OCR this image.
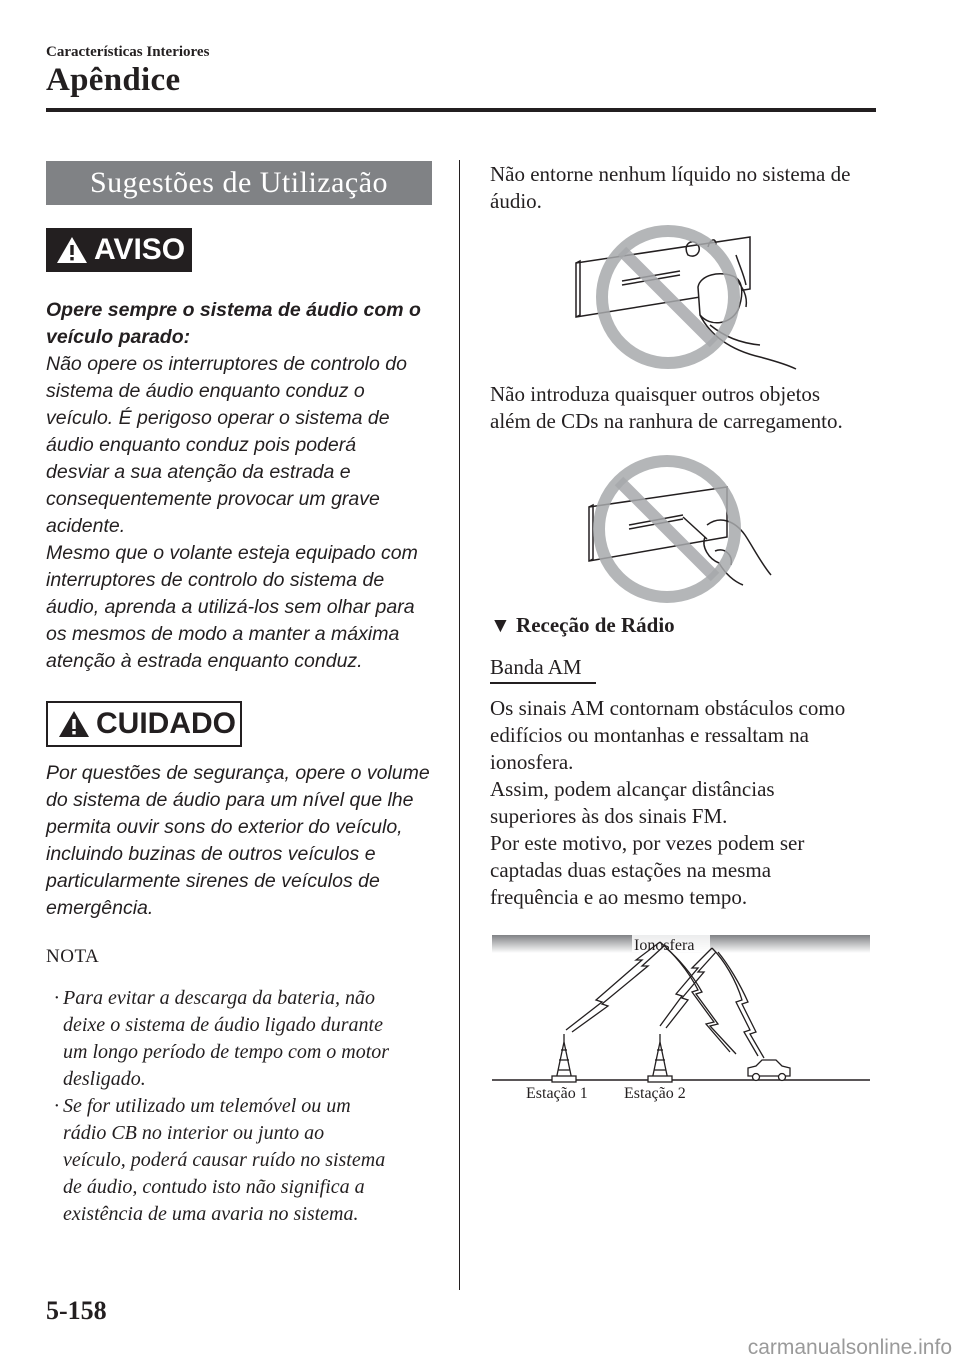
Características Interiores
Apêndice
Sugestões de Utilização
AVISO
Opere sempre o sistema de áudio com o
veículo parado:
Não opere os interruptores de controlo do
sistema de áudio enquanto conduz o
veículo. É perigoso operar o sistema de
áudio enquanto conduz pois poderá
desviar a sua atenção da estrada e
consequentemente provocar um grave
acidente.
Mesmo que o volante esteja equipado com
interruptores de controlo do sistema de
áudio, aprenda a utilizá-los sem olhar para
os mesmos de modo a manter a máxima
atenção à estrada enquanto conduz.
CUIDADO
Por questões de segurança, opere o volume
do sistema de áudio para um nível que lhe
permita ouvir sons do exterior do veículo,
incluindo buzinas de outros veículos e
particularmente sirenes de veículos de
emergência.
NOTA
· Para evitar a descarga da bateria, não
deixe o sistema de áudio ligado durante
um longo período de tempo com o motor
desligado.
· Se for utilizado um telemóvel ou um
rádio CB no interior ou junto ao
veículo, poderá causar ruído no sistema
de áudio, contudo isto não significa a
existência de uma avaria no sistema.
Não entorne nenhum líquido no sistema de
áudio.
Não introduza quaisquer outros objetos
além de CDs na ranhura de carregamento.
▼ Receção de Rádio
Banda AM
Os sinais AM contornam obstáculos como
edifícios ou montanhas e ressaltam na
ionosfera.
Assim, podem alcançar distâncias
superiores às dos sinais FM.
Por este motivo, por vezes podem ser
captadas duas estações na mesma
frequência e ao mesmo tempo.
Ionosfera
Estação 1 Estação 2
5-158
carmanualsonline.info
